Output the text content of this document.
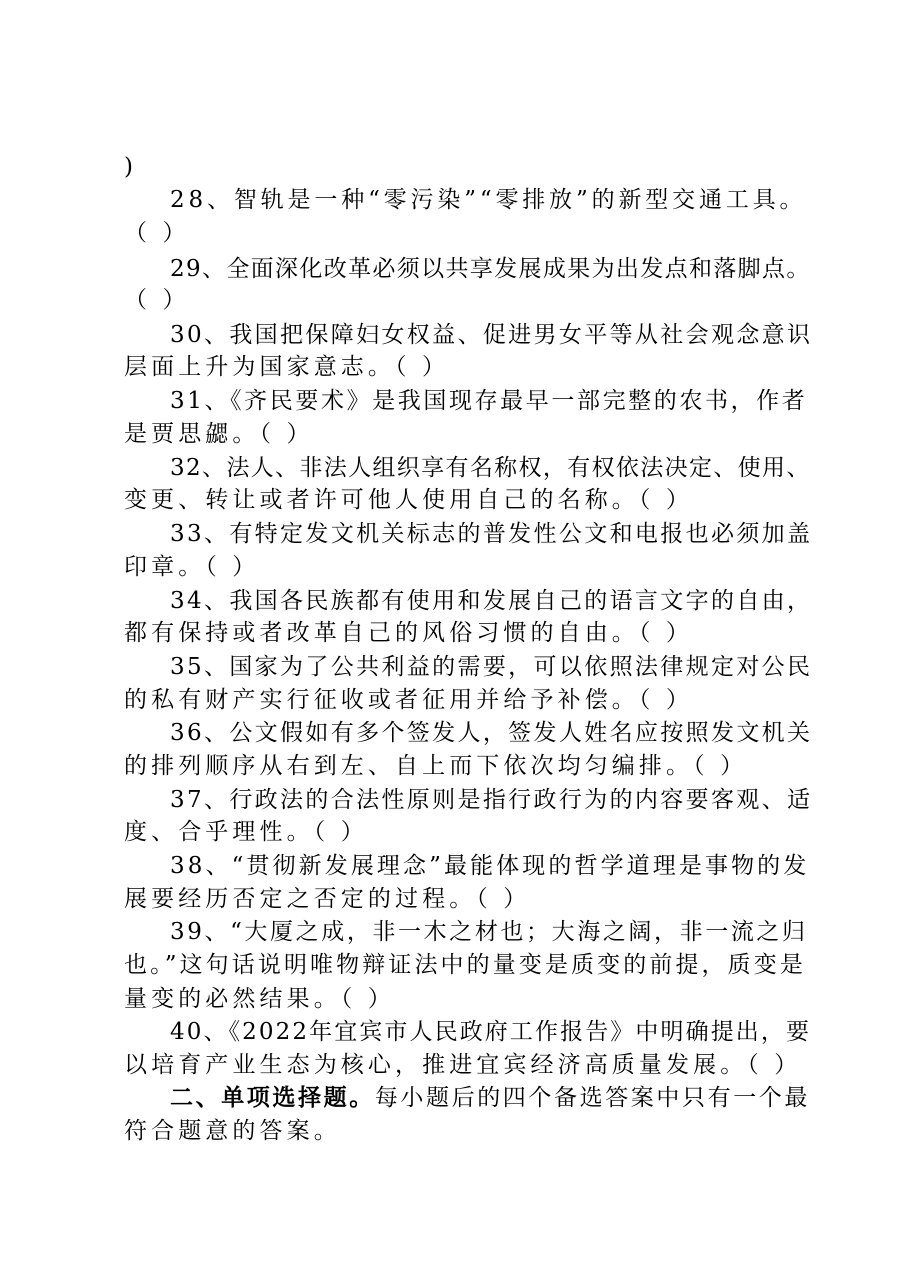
)
28、智轨是一种“零污染”“零排放”的新型交通工具。
（ ）
29、全面深化改革必须以共享发展成果为出发点和落脚点。
（ ）
30、我国把保障妇女权益、促进男女平等从社会观念意识
层面上升为国家意志。（ ）
31、《齐民要术》是我国现存最早一部完整的农书，作者
是贾思勰。（ ）
32、法人、非法人组织享有名称权，有权依法决定、使用、
变更、转让或者许可他人使用自己的名称。（ ）
33、有特定发文机关标志的普发性公文和电报也必须加盖
印章。（ ）
34、我国各民族都有使用和发展自己的语言文字的自由，
都有保持或者改革自己的风俗习惯的自由。（ ）
35、国家为了公共利益的需要，可以依照法律规定对公民
的私有财产实行征收或者征用并给予补偿。（ ）
36、公文假如有多个签发人，签发人姓名应按照发文机关
的排列顺序从右到左、自上而下依次均匀编排。（ ）
37、行政法的合法性原则是指行政行为的内容要客观、适
度、合乎理性。（ ）
38、“贯彻新发展理念”最能体现的哲学道理是事物的发
展要经历否定之否定的过程。（ ）
39、“大厦之成，非一木之材也；大海之阔，非一流之归
也。”这句话说明唯物辩证法中的量变是质变的前提，质变是
量变的必然结果。（ ）
40、《2022年宜宾市人民政府工作报告》中明确提出，要
以培育产业生态为核心，推进宜宾经济高质量发展。（ ）
二、单项选择题。每小题后的四个备选答案中只有一个最
符合题意的答案。
